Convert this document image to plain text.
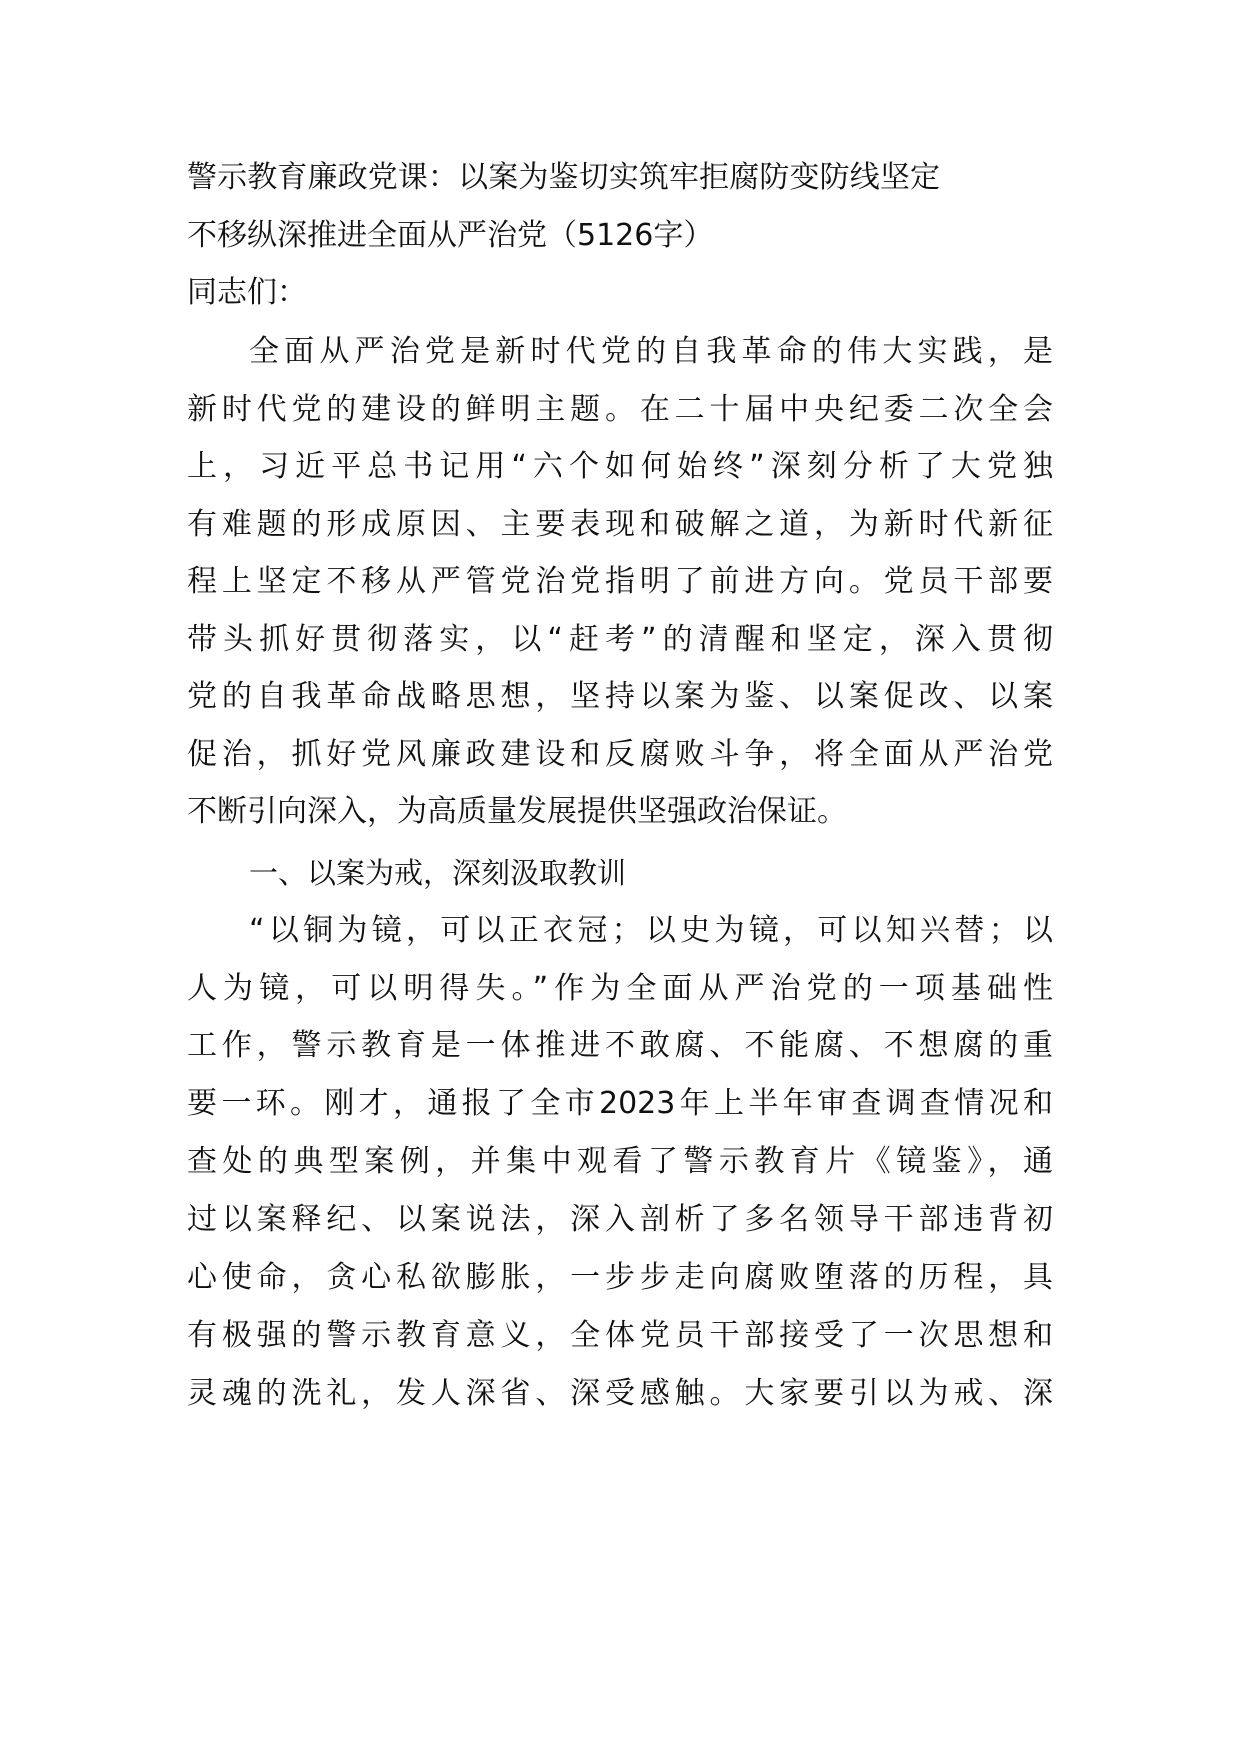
警示教育廉政党课：以案为鉴切实筑牢拒腐防变防线坚定
不移纵深推进全面从严治党（5126字）
同志们：
全面从严治党是新时代党的自我革命的伟大实践，是
新时代党的建设的鲜明主题。在二十届中央纪委二次全会
上，习近平总书记用“六个如何始终”深刻分析了大党独
有难题的形成原因、主要表现和破解之道，为新时代新征
程上坚定不移从严管党治党指明了前进方向。党员干部要
带头抓好贯彻落实，以“赶考”的清醒和坚定，深入贯彻
党的自我革命战略思想，坚持以案为鉴、以案促改、以案
促治，抓好党风廉政建设和反腐败斗争，将全面从严治党
不断引向深入，为高质量发展提供坚强政治保证。
一、以案为戒，深刻汲取教训
“以铜为镜，可以正衣冠；以史为镜，可以知兴替；以
人为镜，可以明得失。”作为全面从严治党的一项基础性
工作，警示教育是一体推进不敢腐、不能腐、不想腐的重
要一环。刚才，通报了全市2023年上半年审查调查情况和
查处的典型案例，并集中观看了警示教育片《镜鉴》，通
过以案释纪、以案说法，深入剖析了多名领导干部违背初
心使命，贪心私欲膨胀，一步步走向腐败堕落的历程，具
有极强的警示教育意义，全体党员干部接受了一次思想和
灵魂的洗礼，发人深省、深受感触。大家要引以为戒、深
